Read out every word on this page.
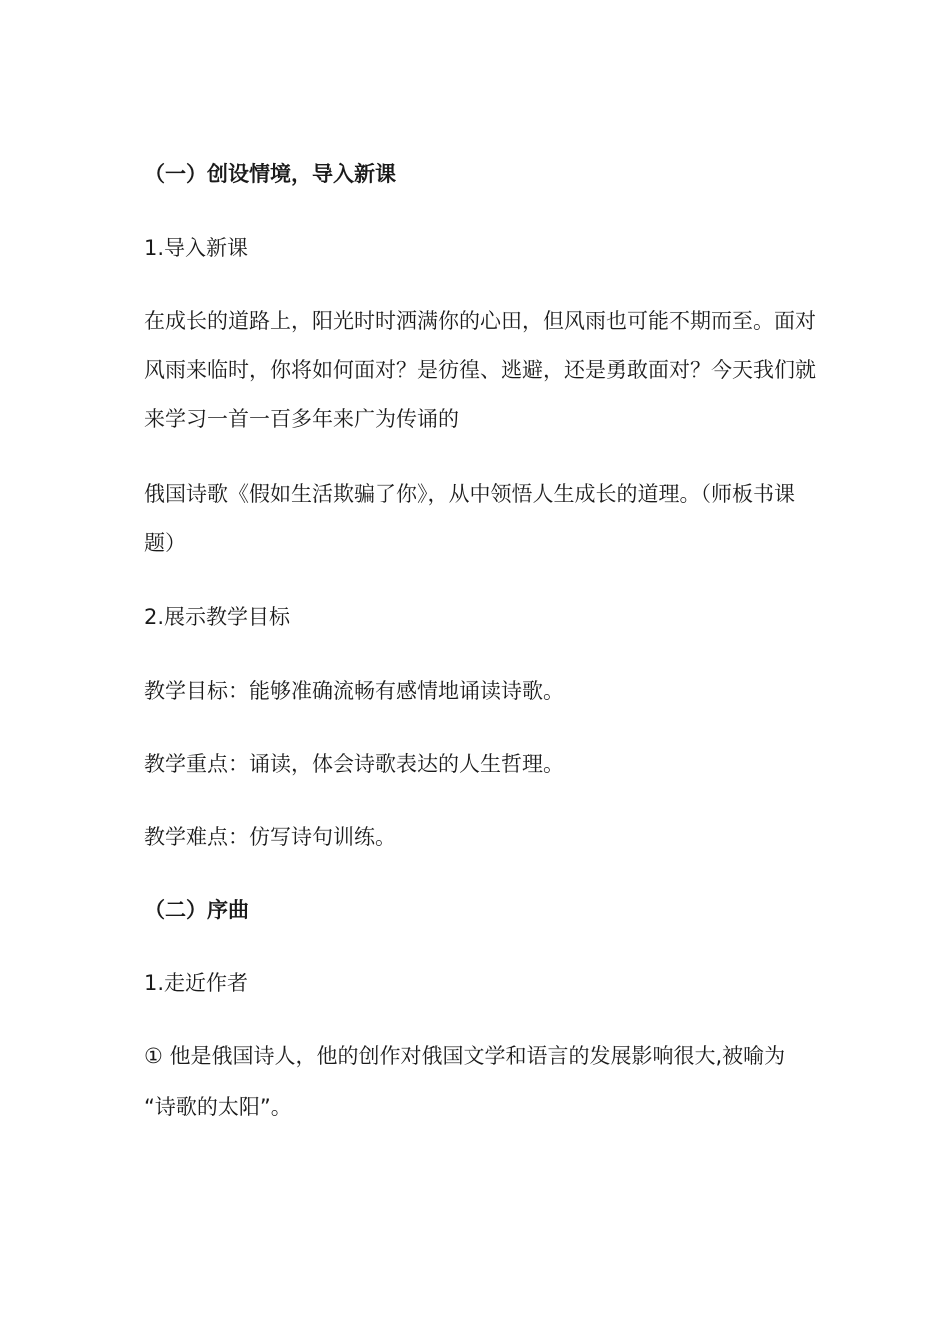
（一）创设情境，导入新课

1.导入新课

在成长的道路上，阳光时时洒满你的心田，但风雨也可能不期而至。面对

风雨来临时，你将如何面对？是彷徨、逃避，还是勇敢面对？今天我们就

来学习一首一百多年来广为传诵的

俄国诗歌《假如生活欺骗了你》，从中领悟人生成长的道理。（师板书课

题）

2.展示教学目标

教学目标：能够准确流畅有感情地诵读诗歌。

教学重点：诵读，体会诗歌表达的人生哲理。

教学难点：仿写诗句训练。

（二）序曲

1.走近作者

① 他是俄国诗人，他的创作对俄国文学和语言的发展影响很大,被喻为

“诗歌的太阳”。
